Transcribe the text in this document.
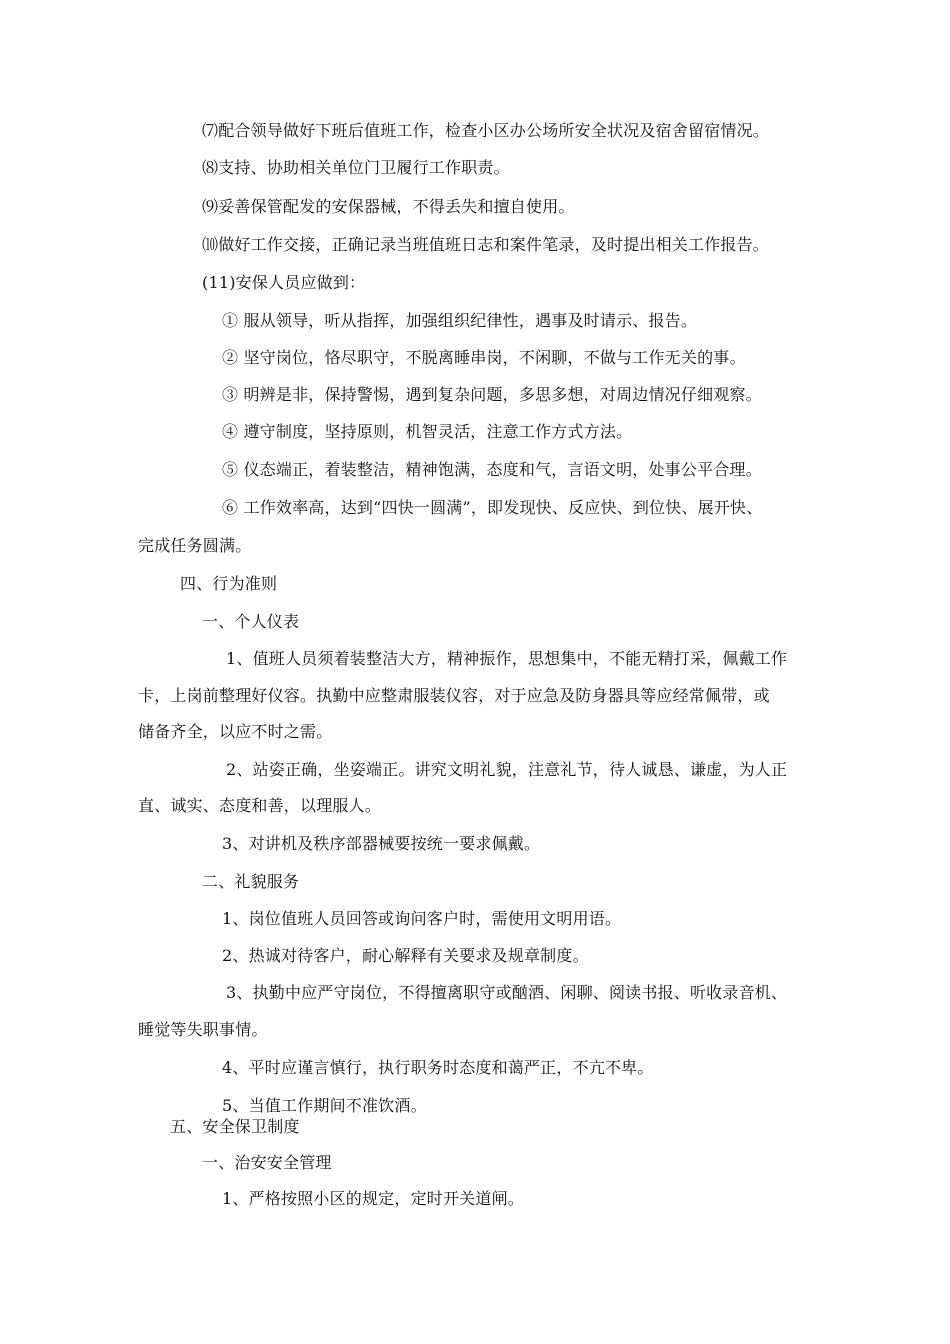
⑺配合领导做好下班后值班工作，检查小区办公场所安全状况及宿舍留宿情况。
⑻支持、协助相关单位门卫履行工作职责。
⑼妥善保管配发的安保器械，不得丢失和擅自使用。
⑽做好工作交接，正确记录当班值班日志和案件笔录，及时提出相关工作报告。
(11)安保人员应做到：
① 服从领导，听从指挥，加强组织纪律性，遇事及时请示、报告。
② 坚守岗位，恪尽职守，不脱离睡串岗，不闲聊，不做与工作无关的事。
③ 明辨是非，保持警惕，遇到复杂问题，多思多想，对周边情况仔细观察。
④ 遵守制度，坚持原则，机智灵活，注意工作方式方法。
⑤ 仪态端正，着装整洁，精神饱满，态度和气，言语文明，处事公平合理。
⑥ 工作效率高，达到“四快一圆满”，即发现快、反应快、到位快、展开快、
完成任务圆满。
四、行为准则
一、个人仪表
1、值班人员须着装整洁大方，精神振作，思想集中，不能无精打采，佩戴工作
卡，上岗前整理好仪容。执勤中应整肃服装仪容，对于应急及防身器具等应经常佩带，或
储备齐全，以应不时之需。
2、站姿正确，坐姿端正。讲究文明礼貌，注意礼节，待人诚恳、谦虚，为人正
直、诚实、态度和善，以理服人。
3、对讲机及秩序部器械要按统一要求佩戴。
二、礼貌服务
1、岗位值班人员回答或询问客户时，需使用文明用语。
2、热诚对待客户，耐心解释有关要求及规章制度。
3、执勤中应严守岗位，不得擅离职守或酗酒、闲聊、阅读书报、听收录音机、
睡觉等失职事情。
4、平时应谨言慎行，执行职务时态度和蔼严正，不亢不卑。
5、当值工作期间不准饮酒。
五、安全保卫制度
一、治安安全管理
1、严格按照小区的规定，定时开关道闸。
